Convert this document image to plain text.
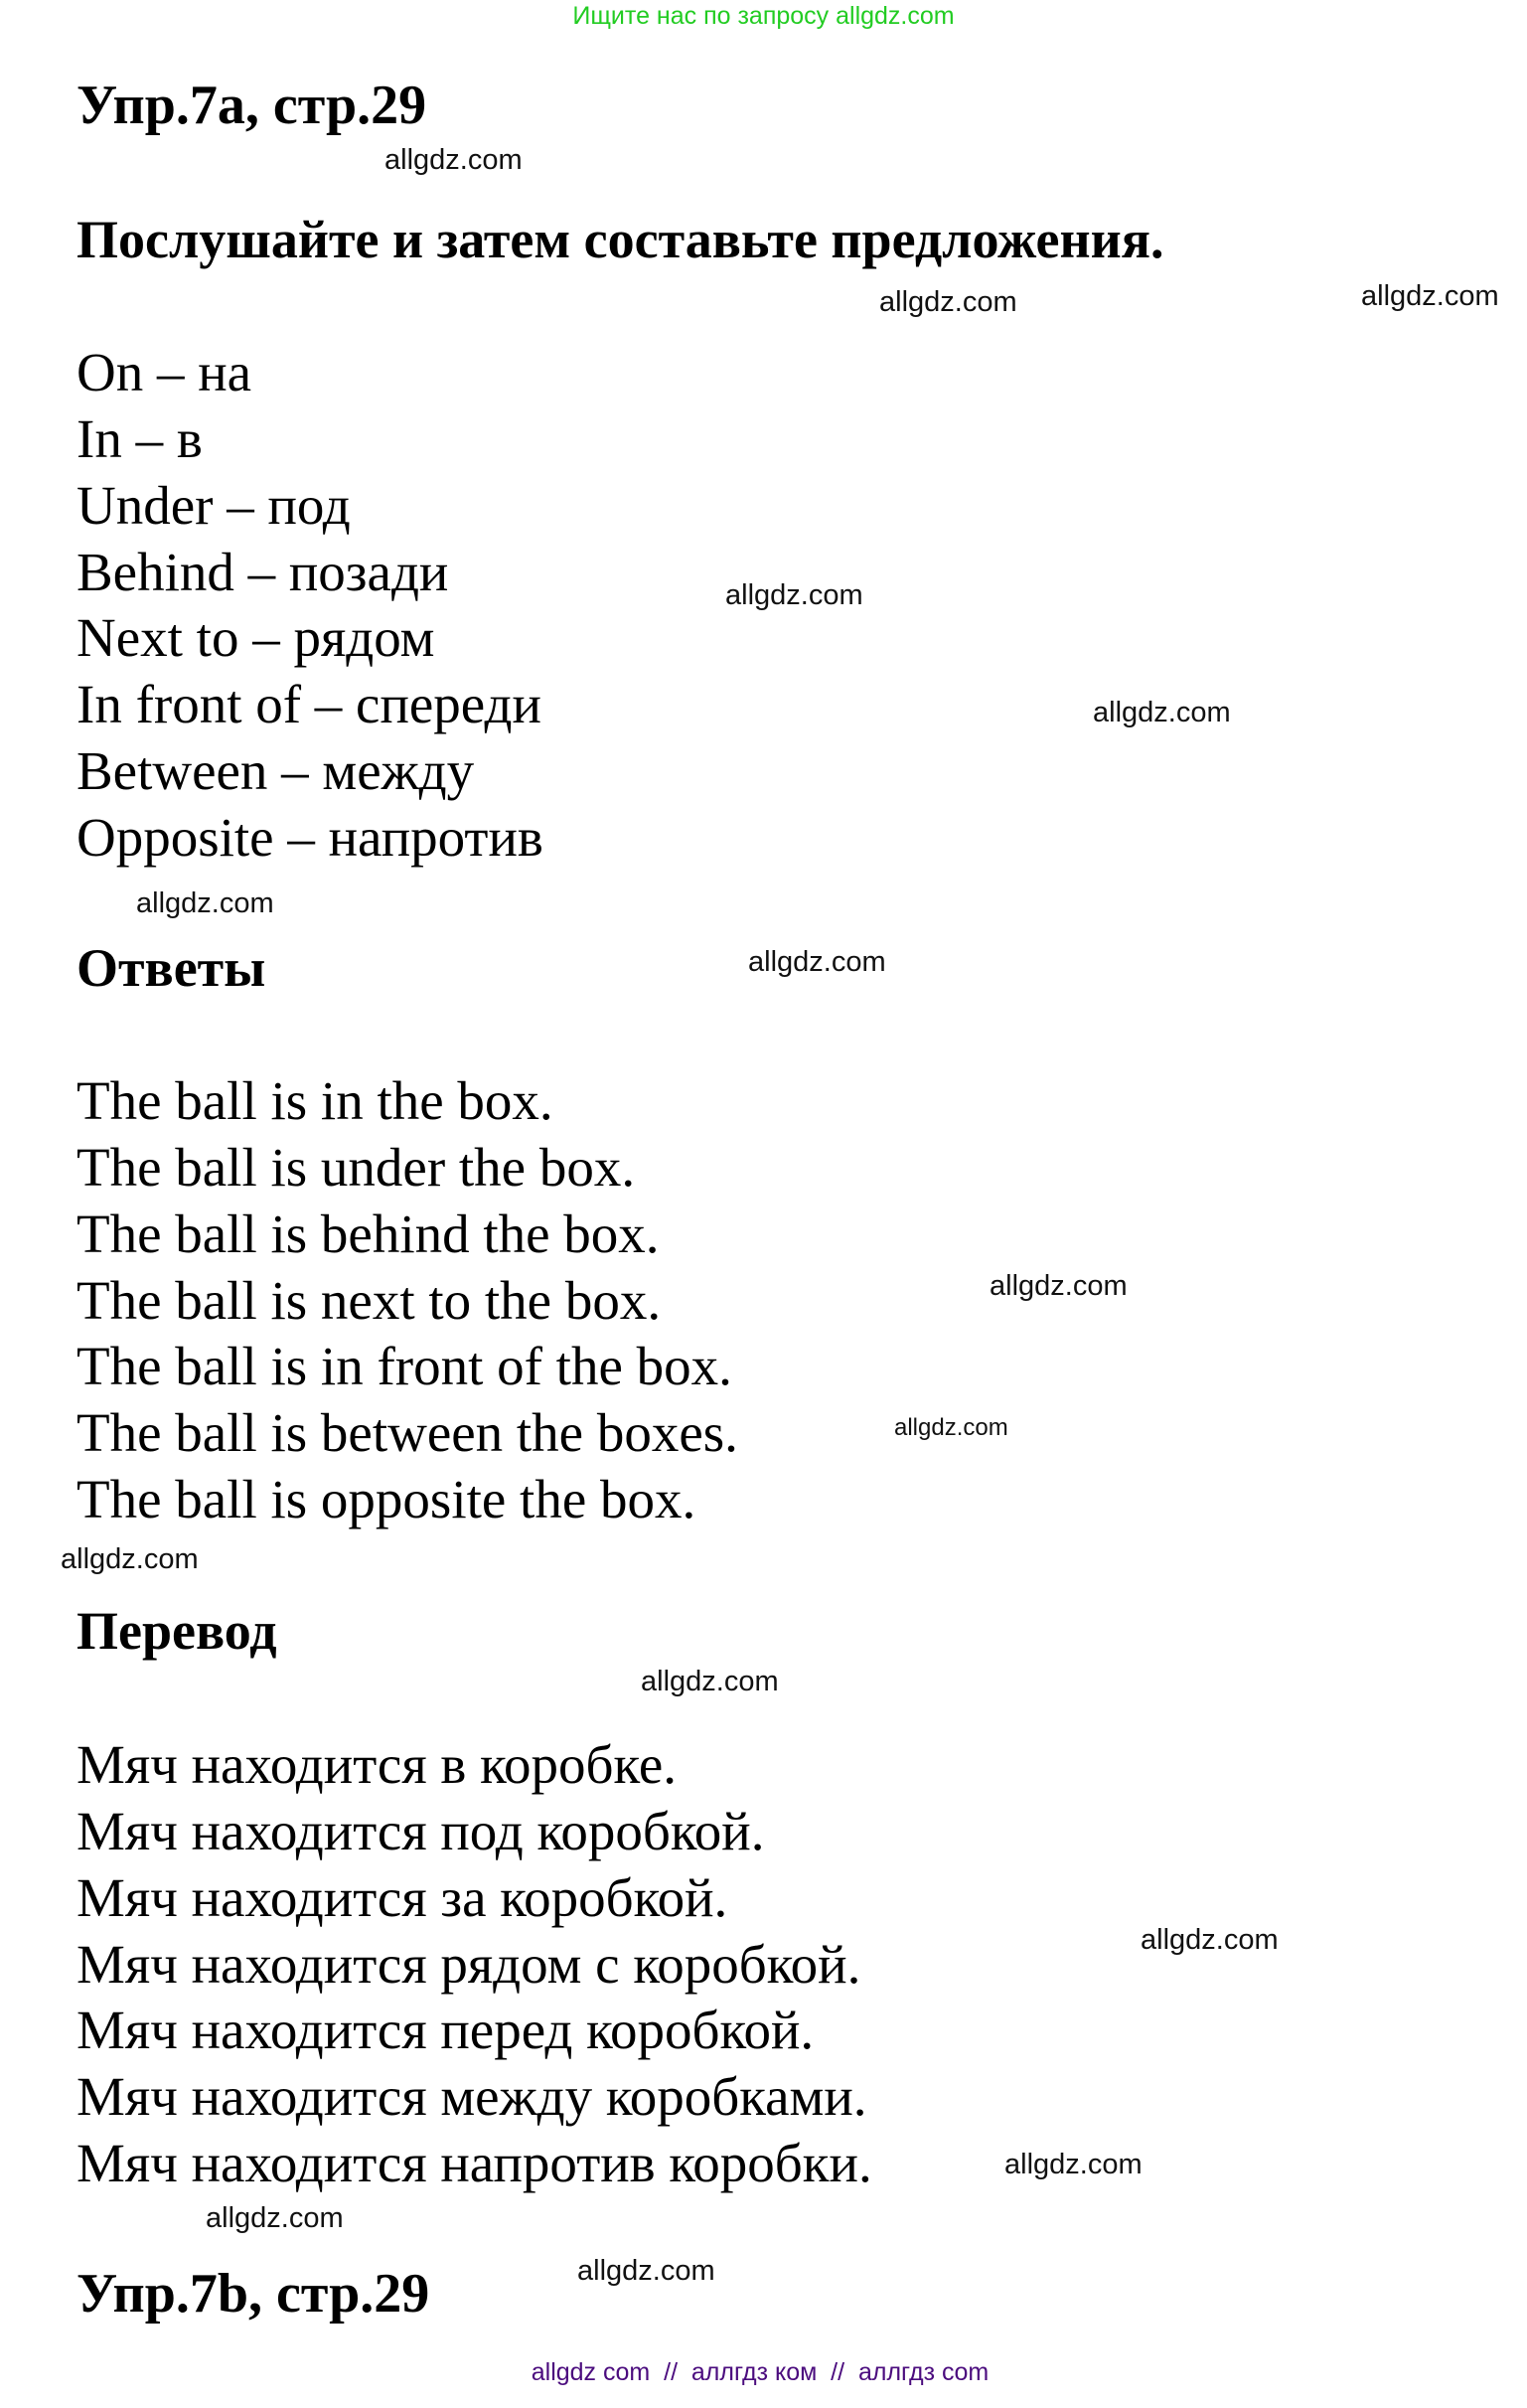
Ищите нас по запросу allgdz.com
Упр.7а, стр.29
Послушайте и затем составьте предложения.
On – на
In – в
Under – под
Behind – позади
Next to – рядом
In front of – спереди
Between – между
Opposite – напротив
Ответы
The ball is in the box.
The ball is under the box.
The ball is behind the box.
The ball is next to the box.
The ball is in front of the box.
The ball is between the boxes.
The ball is opposite the box.
Перевод
Мяч находится в коробке.
Мяч находится под коробкой.
Мяч находится за коробкой.
Мяч находится рядом с коробкой.
Мяч находится перед коробкой.
Мяч находится между коробками.
Мяч находится напротив коробки.
Упр.7b, стр.29
allgdz.com
allgdz.com
allgdz.com
allgdz.com
allgdz.com
allgdz.com
allgdz.com
allgdz.com
allgdz.com
allgdz.com
allgdz.com
allgdz.com
allgdz.com
allgdz.com
allgdz.com
allgdz com  //  аллгдз ком  //  аллгдз com
